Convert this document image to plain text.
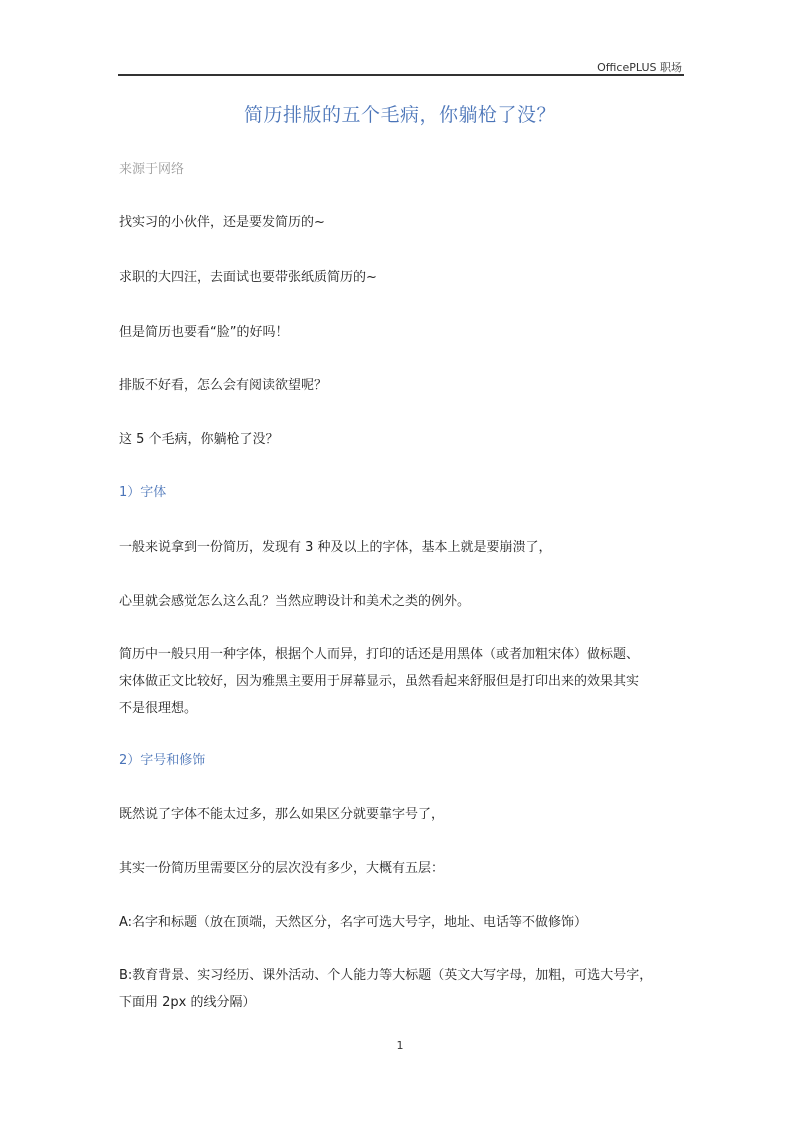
OfficePLUS 职场
简历排版的五个毛病，你躺枪了没？
来源于网络
找实习的小伙伴，还是要发简历的~
求职的大四汪，去面试也要带张纸质简历的~
但是简历也要看“脸”的好吗！
排版不好看，怎么会有阅读欲望呢？
这 5 个毛病，你躺枪了没？
1）字体
一般来说拿到一份简历，发现有 3 种及以上的字体，基本上就是要崩溃了，
心里就会感觉怎么这么乱？当然应聘设计和美术之类的例外。
简历中一般只用一种字体，根据个人而异，打印的话还是用黑体（或者加粗宋体）做标题、
宋体做正文比较好，因为雅黑主要用于屏幕显示，虽然看起来舒服但是打印出来的效果其实
不是很理想。
2）字号和修饰
既然说了字体不能太过多，那么如果区分就要靠字号了，
其实一份简历里需要区分的层次没有多少，大概有五层：
A:名字和标题（放在顶端，天然区分，名字可选大号字，地址、电话等不做修饰）
B:教育背景、实习经历、课外活动、个人能力等大标题（英文大写字母，加粗，可选大号字，
下面用 2px 的线分隔）
1
